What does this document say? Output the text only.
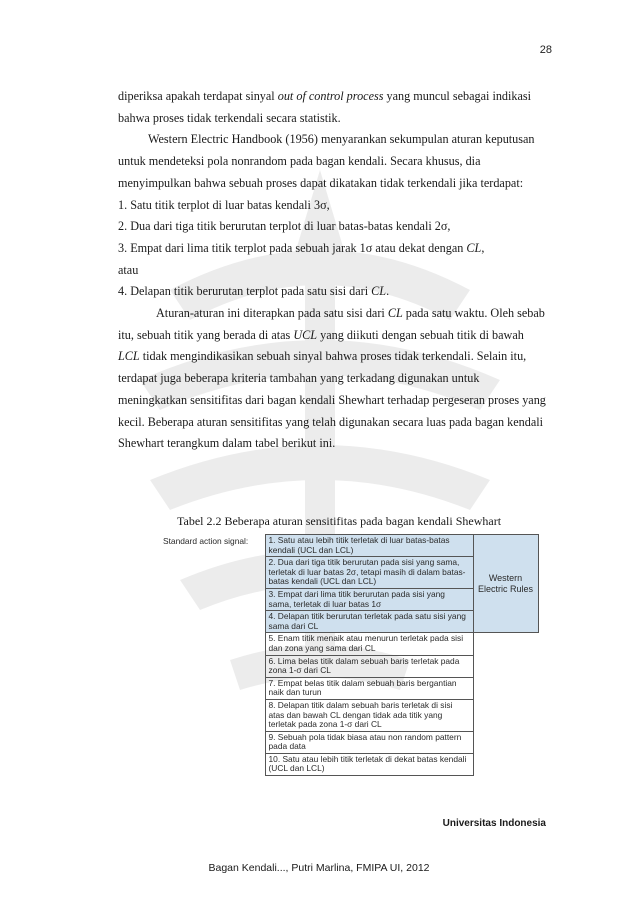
28

diperiksa apakah terdapat sinyal out of control process yang muncul sebagai indikasi bahwa proses tidak terkendali secara statistik.

Western Electric Handbook (1956) menyarankan sekumpulan aturan keputusan untuk mendeteksi pola nonrandom pada bagan kendali. Secara khusus, dia menyimpulkan bahwa sebuah proses dapat dikatakan tidak terkendali jika terdapat:

1. Satu titik terplot di luar batas kendali 3σ,

2. Dua dari tiga titik berurutan terplot di luar batas-batas kendali 2σ,

3. Empat dari lima titik terplot pada sebuah jarak 1σ atau dekat dengan CL,

atau

4. Delapan titik berurutan terplot pada satu sisi dari CL.

Aturan-aturan ini diterapkan pada satu sisi dari CL pada satu waktu. Oleh sebab itu, sebuah titik yang berada di atas UCL yang diikuti dengan sebuah titik di bawah LCL tidak mengindikasikan sebuah sinyal bahwa proses tidak terkendali. Selain itu, terdapat juga beberapa kriteria tambahan yang terkadang digunakan untuk meningkatkan sensitifitas dari bagan kendali Shewhart terhadap pergeseran proses yang kecil. Beberapa aturan sensitifitas yang telah digunakan secara luas pada bagan kendali Shewhart terangkum dalam tabel berikut ini.

Tabel 2.2 Beberapa aturan sensitifitas pada bagan kendali Shewhart
Standard action signal:	1. Satu atau lebih titik terletak di luar batas-batas kendali (UCL dan LCL)	Western Electric Rules
	2. Dua dari tiga titik berurutan pada sisi yang sama, terletak di luar batas 2σ, tetapi masih di dalam batas-batas kendali (UCL dan LCL)	
	3. Empat dari lima titik berurutan pada sisi yang sama, terletak di luar batas 1σ	
	4. Delapan titik berurutan terletak pada satu sisi yang sama dari CL	
	5. Enam titik menaik atau menurun terletak pada sisi dan zona yang sama dari CL	
	6. Lima belas titik dalam sebuah baris terletak pada zona 1-σ dari CL	
	7. Empat belas titik dalam sebuah baris bergantian naik dan turun	
	8. Delapan titik dalam sebuah baris terletak di sisi atas dan bawah CL dengan tidak ada titik yang terletak pada zona 1-σ dari CL	
	9. Sebuah pola tidak biasa atau non random pattern pada data	
	10. Satu atau lebih titik terletak di dekat batas kendali (UCL dan LCL)	
Universitas Indonesia
Bagan Kendali..., Putri Marlina, FMIPA UI, 2012
